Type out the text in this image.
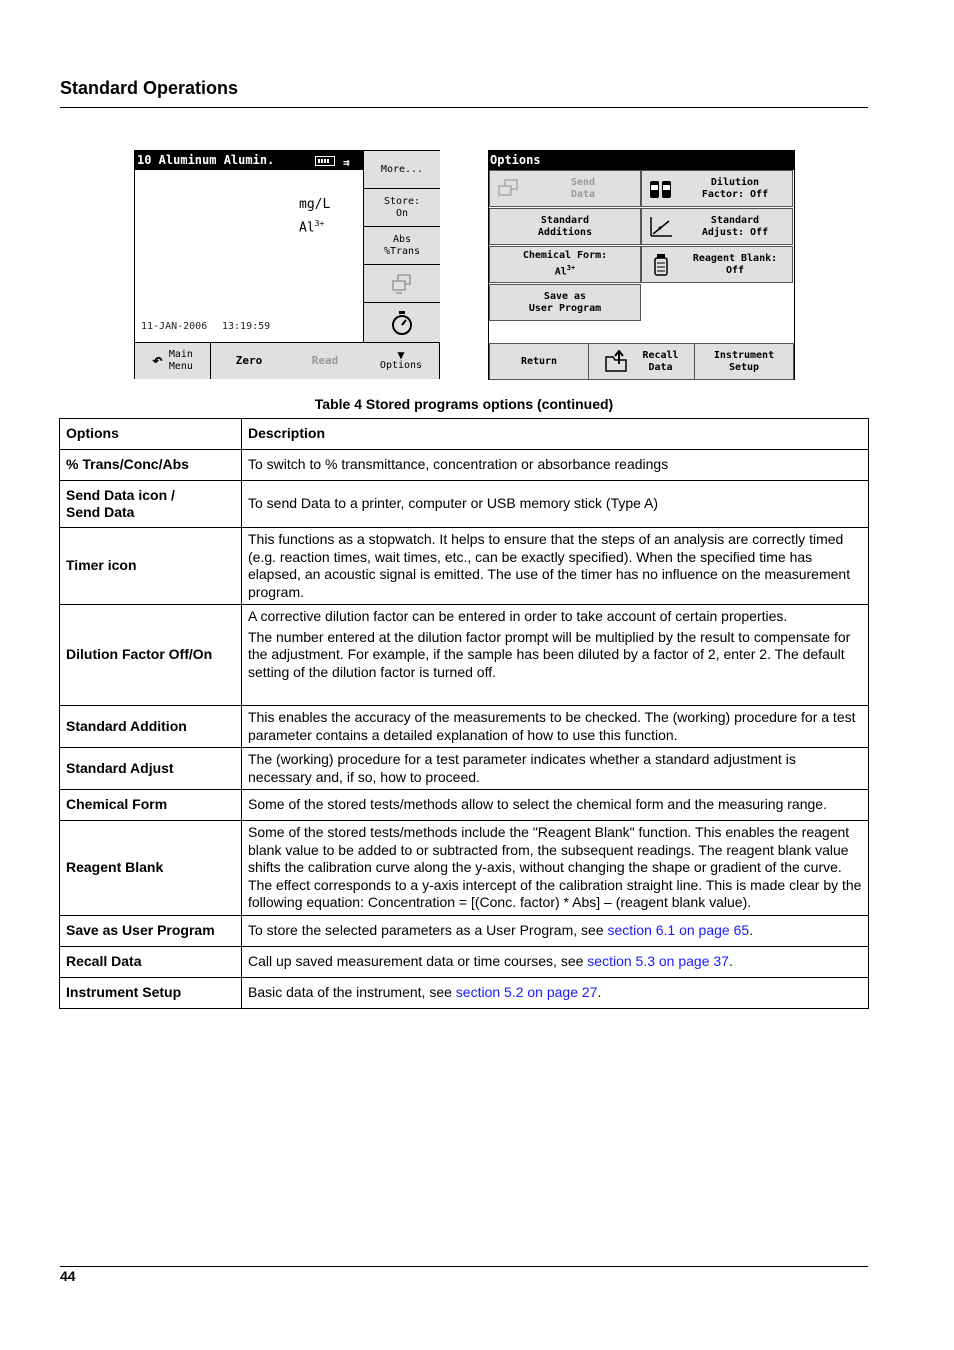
Standard Operations
10 Aluminum Alumin.	⇉
mg/L
$Al^{3+}$
11-JAN-2006 13:19:59
More...
Store:
On
Abs
%Trans
↶ Main
Menu	Zero	Read	▼
Options
Options
Send
Data
Dilution
Factor: Off
Standard
Additions
Standard
Adjust: Off
Chemical Form:
$Al^{3+}$
Reagent Blank:
Off
Save as
User Program
Return
Recall
Data
Instrument
Setup
Table 4 Stored programs options (continued)
Options	Description
% Trans/Conc/Abs	To switch to % transmittance, concentration or absorbance readings
Send Data icon /
Send Data	To send Data to a printer, computer or USB memory stick (Type A)
Timer icon	This functions as a stopwatch. It helps to ensure that the steps of an analysis are correctly timed (e.g. reaction times, wait times, etc., can be exactly specified). When the specified time has elapsed, an acoustic signal is emitted. The use of the timer has no influence on the measurement program.
Dilution Factor Off/On	A corrective dilution factor can be entered in order to take account of certain properties.

The number entered at the dilution factor prompt will be multiplied by the result to compensate for the adjustment. For example, if the sample has been diluted by a factor of 2, enter 2. The default setting of the dilution factor is turned off.

Standard Addition	This enables the accuracy of the measurements to be checked. The (working) procedure for a test parameter contains a detailed explanation of how to use this function.
Standard Adjust	The (working) procedure for a test parameter indicates whether a standard adjustment is necessary and, if so, how to proceed.
Chemical Form	Some of the stored tests/methods allow to select the chemical form and the measuring range.
Reagent Blank	Some of the stored tests/methods include the "Reagent Blank" function. This enables the reagent blank value to be added to or subtracted from, the subsequent readings. The reagent blank value shifts the calibration curve along the y-axis, without changing the shape or gradient of the curve. The effect corresponds to a y-axis intercept of the calibration straight line. This is made clear by the following equation: Concentration = [(Conc. factor) * Abs] – (reagent blank value).
Save as User Program	To store the selected parameters as a User Program, see section 6.1 on page 65.
Recall Data	Call up saved measurement data or time courses, see section 5.3 on page 37.
Instrument Setup	Basic data of the instrument, see section 5.2 on page 27.
44
